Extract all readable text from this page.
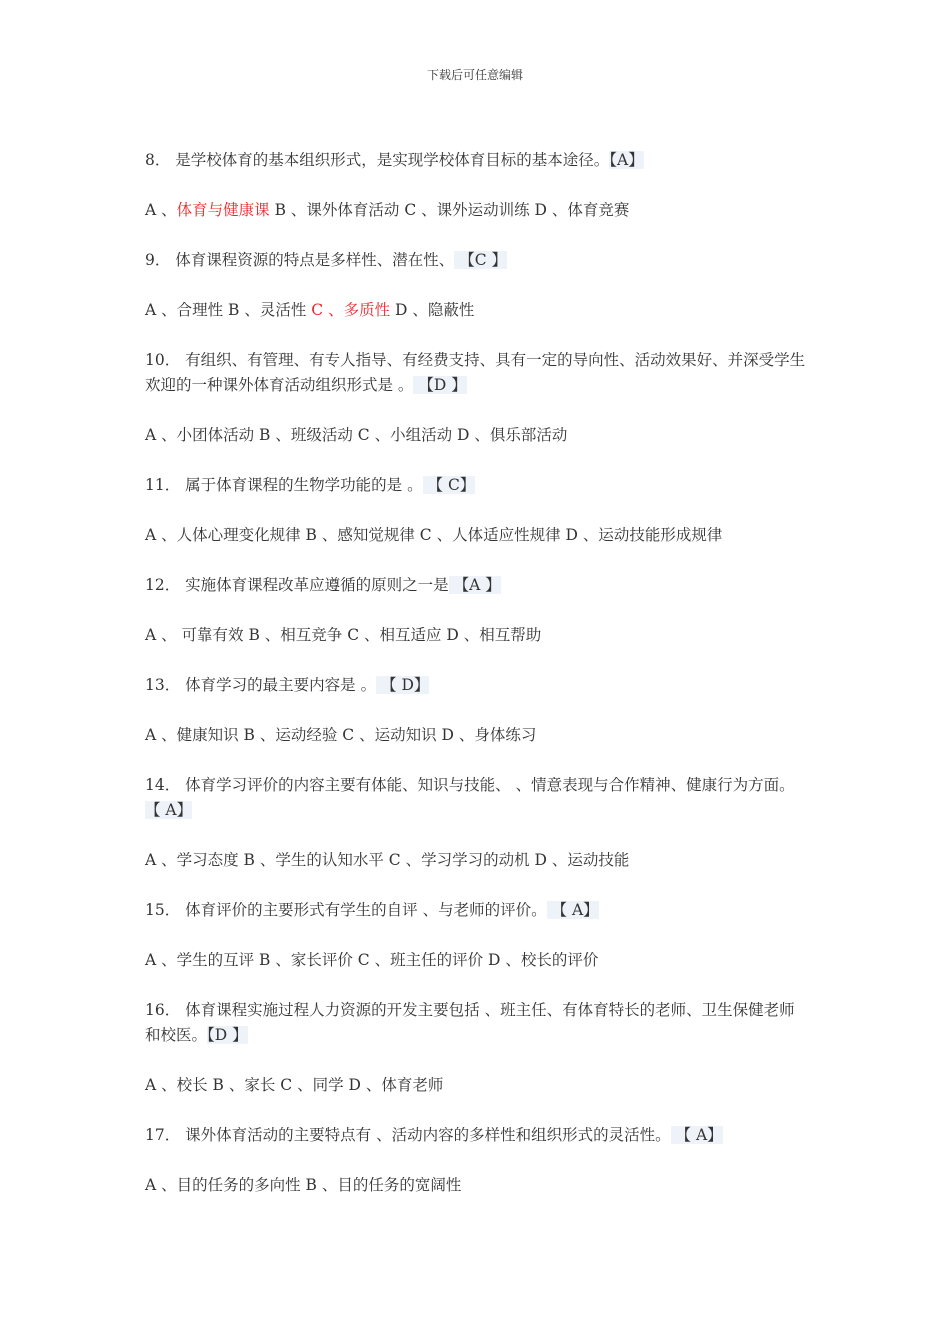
下载后可任意编辑

8． 是学校体育的基本组织形式，是实现学校体育目标的基本途径。【A】

A 、体育与健康课 B 、课外体育活动 C 、课外运动训练 D 、体育竞赛

9． 体育课程资源的特点是多样性、潜在性、 【C 】

A 、合理性 B 、灵活性 C 、多质性 D 、隐蔽性

10． 有组织、有管理、有专人指导、有经费支持、具有一定的导向性、活动效果好、并深受学生欢迎的一种课外体育活动组织形式是 。 【D 】

A 、小团体活动 B 、班级活动 C 、小组活动 D 、俱乐部活动

11． 属于体育课程的生物学功能的是 。 【 C】

A 、人体心理变化规律 B 、感知觉规律 C 、人体适应性规律 D 、运动技能形成规律

12． 实施体育课程改革应遵循的原则之一是 【A 】

A 、 可靠有效 B 、相互竞争 C 、相互适应 D 、相互帮助

13． 体育学习的最主要内容是 。 【 D】

A 、健康知识 B 、运动经验 C 、运动知识 D 、身体练习

14． 体育学习评价的内容主要有体能、知识与技能、 、情意表现与合作精神、健康行为方面。 【 A】

A 、学习态度 B 、学生的认知水平 C 、学习学习的动机 D 、运动技能

15． 体育评价的主要形式有学生的自评 、与老师的评价。 【 A】

A 、学生的互评 B 、家长评价 C 、班主任的评价 D 、校长的评价

16． 体育课程实施过程人力资源的开发主要包括 、班主任、有体育特长的老师、卫生保健老师和校医。【D 】

A 、校长 B 、家长 C 、同学 D 、体育老师

17． 课外体育活动的主要特点有 、活动内容的多样性和组织形式的灵活性。 【 A】

A 、目的任务的多向性 B 、目的任务的宽阔性
